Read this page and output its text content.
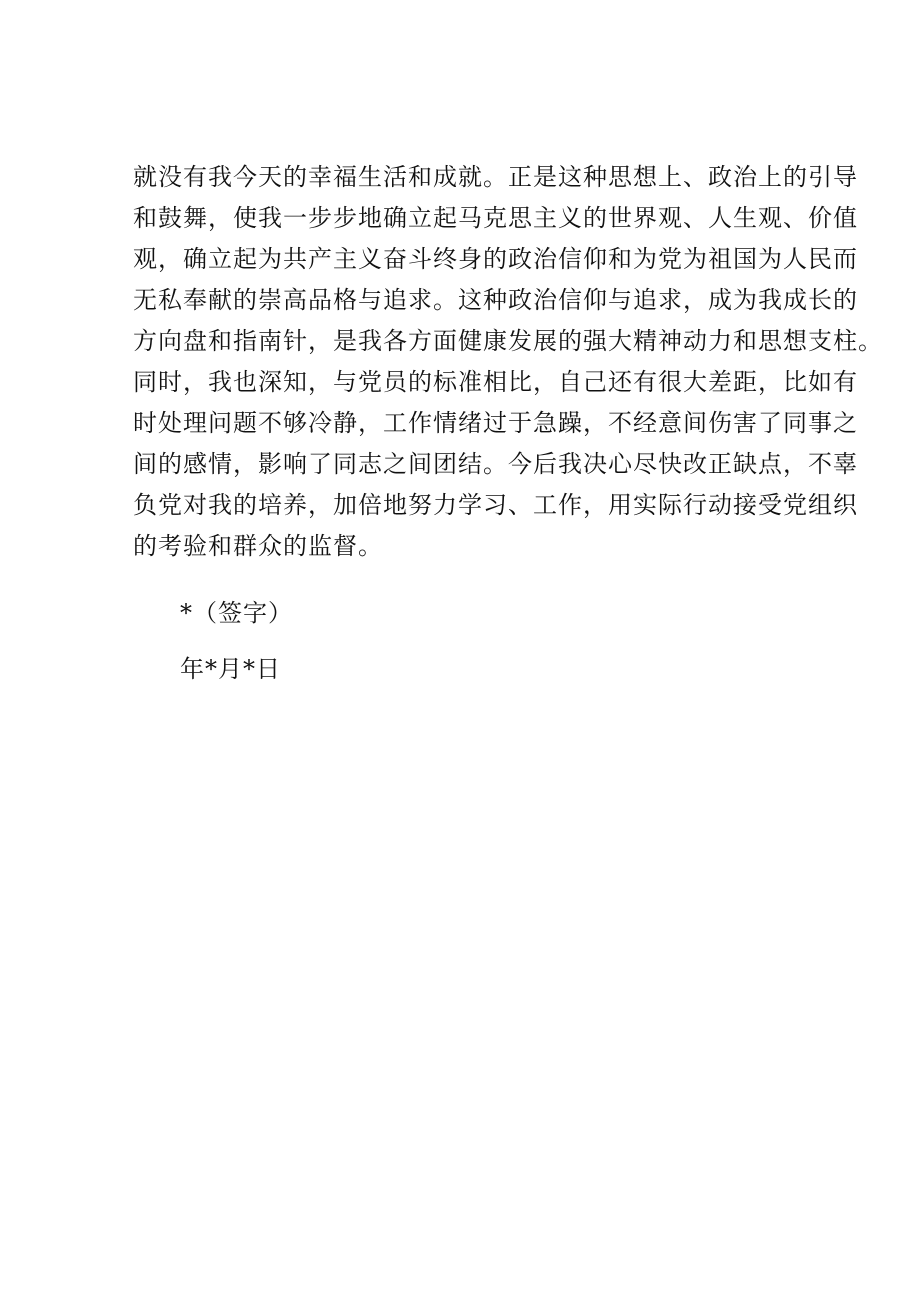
就没有我今天的幸福生活和成就。正是这种思想上、政治上的引导
和鼓舞，使我一步步地确立起马克思主义的世界观、人生观、价值
观，确立起为共产主义奋斗终身的政治信仰和为党为祖国为人民而
无私奉献的崇高品格与追求。这种政治信仰与追求，成为我成长的
方向盘和指南针，是我各方面健康发展的强大精神动力和思想支柱。
同时，我也深知，与党员的标准相比，自己还有很大差距，比如有
时处理问题不够冷静，工作情绪过于急躁，不经意间伤害了同事之
间的感情，影响了同志之间团结。今后我决心尽快改正缺点，不辜
负党对我的培养，加倍地努力学习、工作，用实际行动接受党组织
的考验和群众的监督。
*（签字）
年*月*日
